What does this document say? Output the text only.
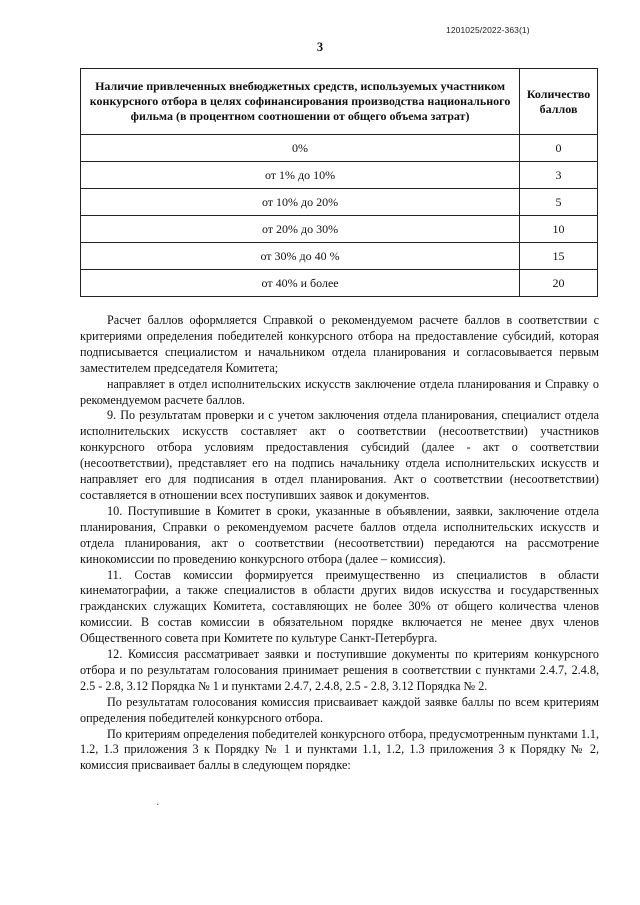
1201025/2022-363(1)
3
Наличие привлеченных внебюджетных средств, используемых участником конкурсного отбора в целях софинансирования производства национального фильма (в процентном соотношении от общего объема затрат)	Количество баллов
0%	0
от 1% до 10%	3
от 10% до 20%	5
от 20% до 30%	10
от 30% до 40 %	15
от 40% и более	20

Расчет баллов оформляется Справкой о рекомендуемом расчете баллов в соответствии с критериями определения победителей конкурсного отбора на предоставление субсидий, которая подписывается специалистом и начальником отдела планирования и согласовывается первым заместителем председателя Комитета;

направляет в отдел исполнительских искусств заключение отдела планирования и Справку о рекомендуемом расчете баллов.

9. По результатам проверки и с учетом заключения отдела планирования, специалист отдела исполнительских искусств составляет акт о соответствии (несоответствии) участников конкурсного отбора условиям предоставления субсидий (далее - акт о соответствии (несоответствии), представляет его на подпись начальнику отдела исполнительских искусств и направляет его для подписания в отдел планирования. Акт о соответствии (несоответствии) составляется в отношении всех поступивших заявок и документов.

10. Поступившие в Комитет в сроки, указанные в объявлении, заявки, заключение отдела планирования, Справки о рекомендуемом расчете баллов отдела исполнительских искусств и отдела планирования, акт о соответствии (несоответствии) передаются на рассмотрение кинокомиссии по проведению конкурсного отбора (далее – комиссия).

11. Состав комиссии формируется преимущественно из специалистов в области кинематографии, а также специалистов в области других видов искусства и государственных гражданских служащих Комитета, составляющих не более 30% от общего количества членов комиссии. В состав комиссии в обязательном порядке включается не менее двух членов Общественного совета при Комитете по культуре Санкт-Петербурга.

12. Комиссия рассматривает заявки и поступившие документы по критериям конкурсного отбора и по результатам голосования принимает решения в соответствии с пунктами 2.4.7, 2.4.8, 2.5 - 2.8, 3.12 Порядка № 1 и пунктами 2.4.7, 2.4.8, 2.5 - 2.8, 3.12 Порядка № 2.

По результатам голосования комиссия присваивает каждой заявке баллы по всем критериям определения победителей конкурсного отбора.

По критериям определения победителей конкурсного отбора, предусмотренным пунктами 1.1, 1.2, 1.3 приложения 3 к Порядку № 1 и пунктами 1.1, 1.2, 1.3 приложения 3 к Порядку № 2, комиссия присваивает баллы в следующем порядке:

·
